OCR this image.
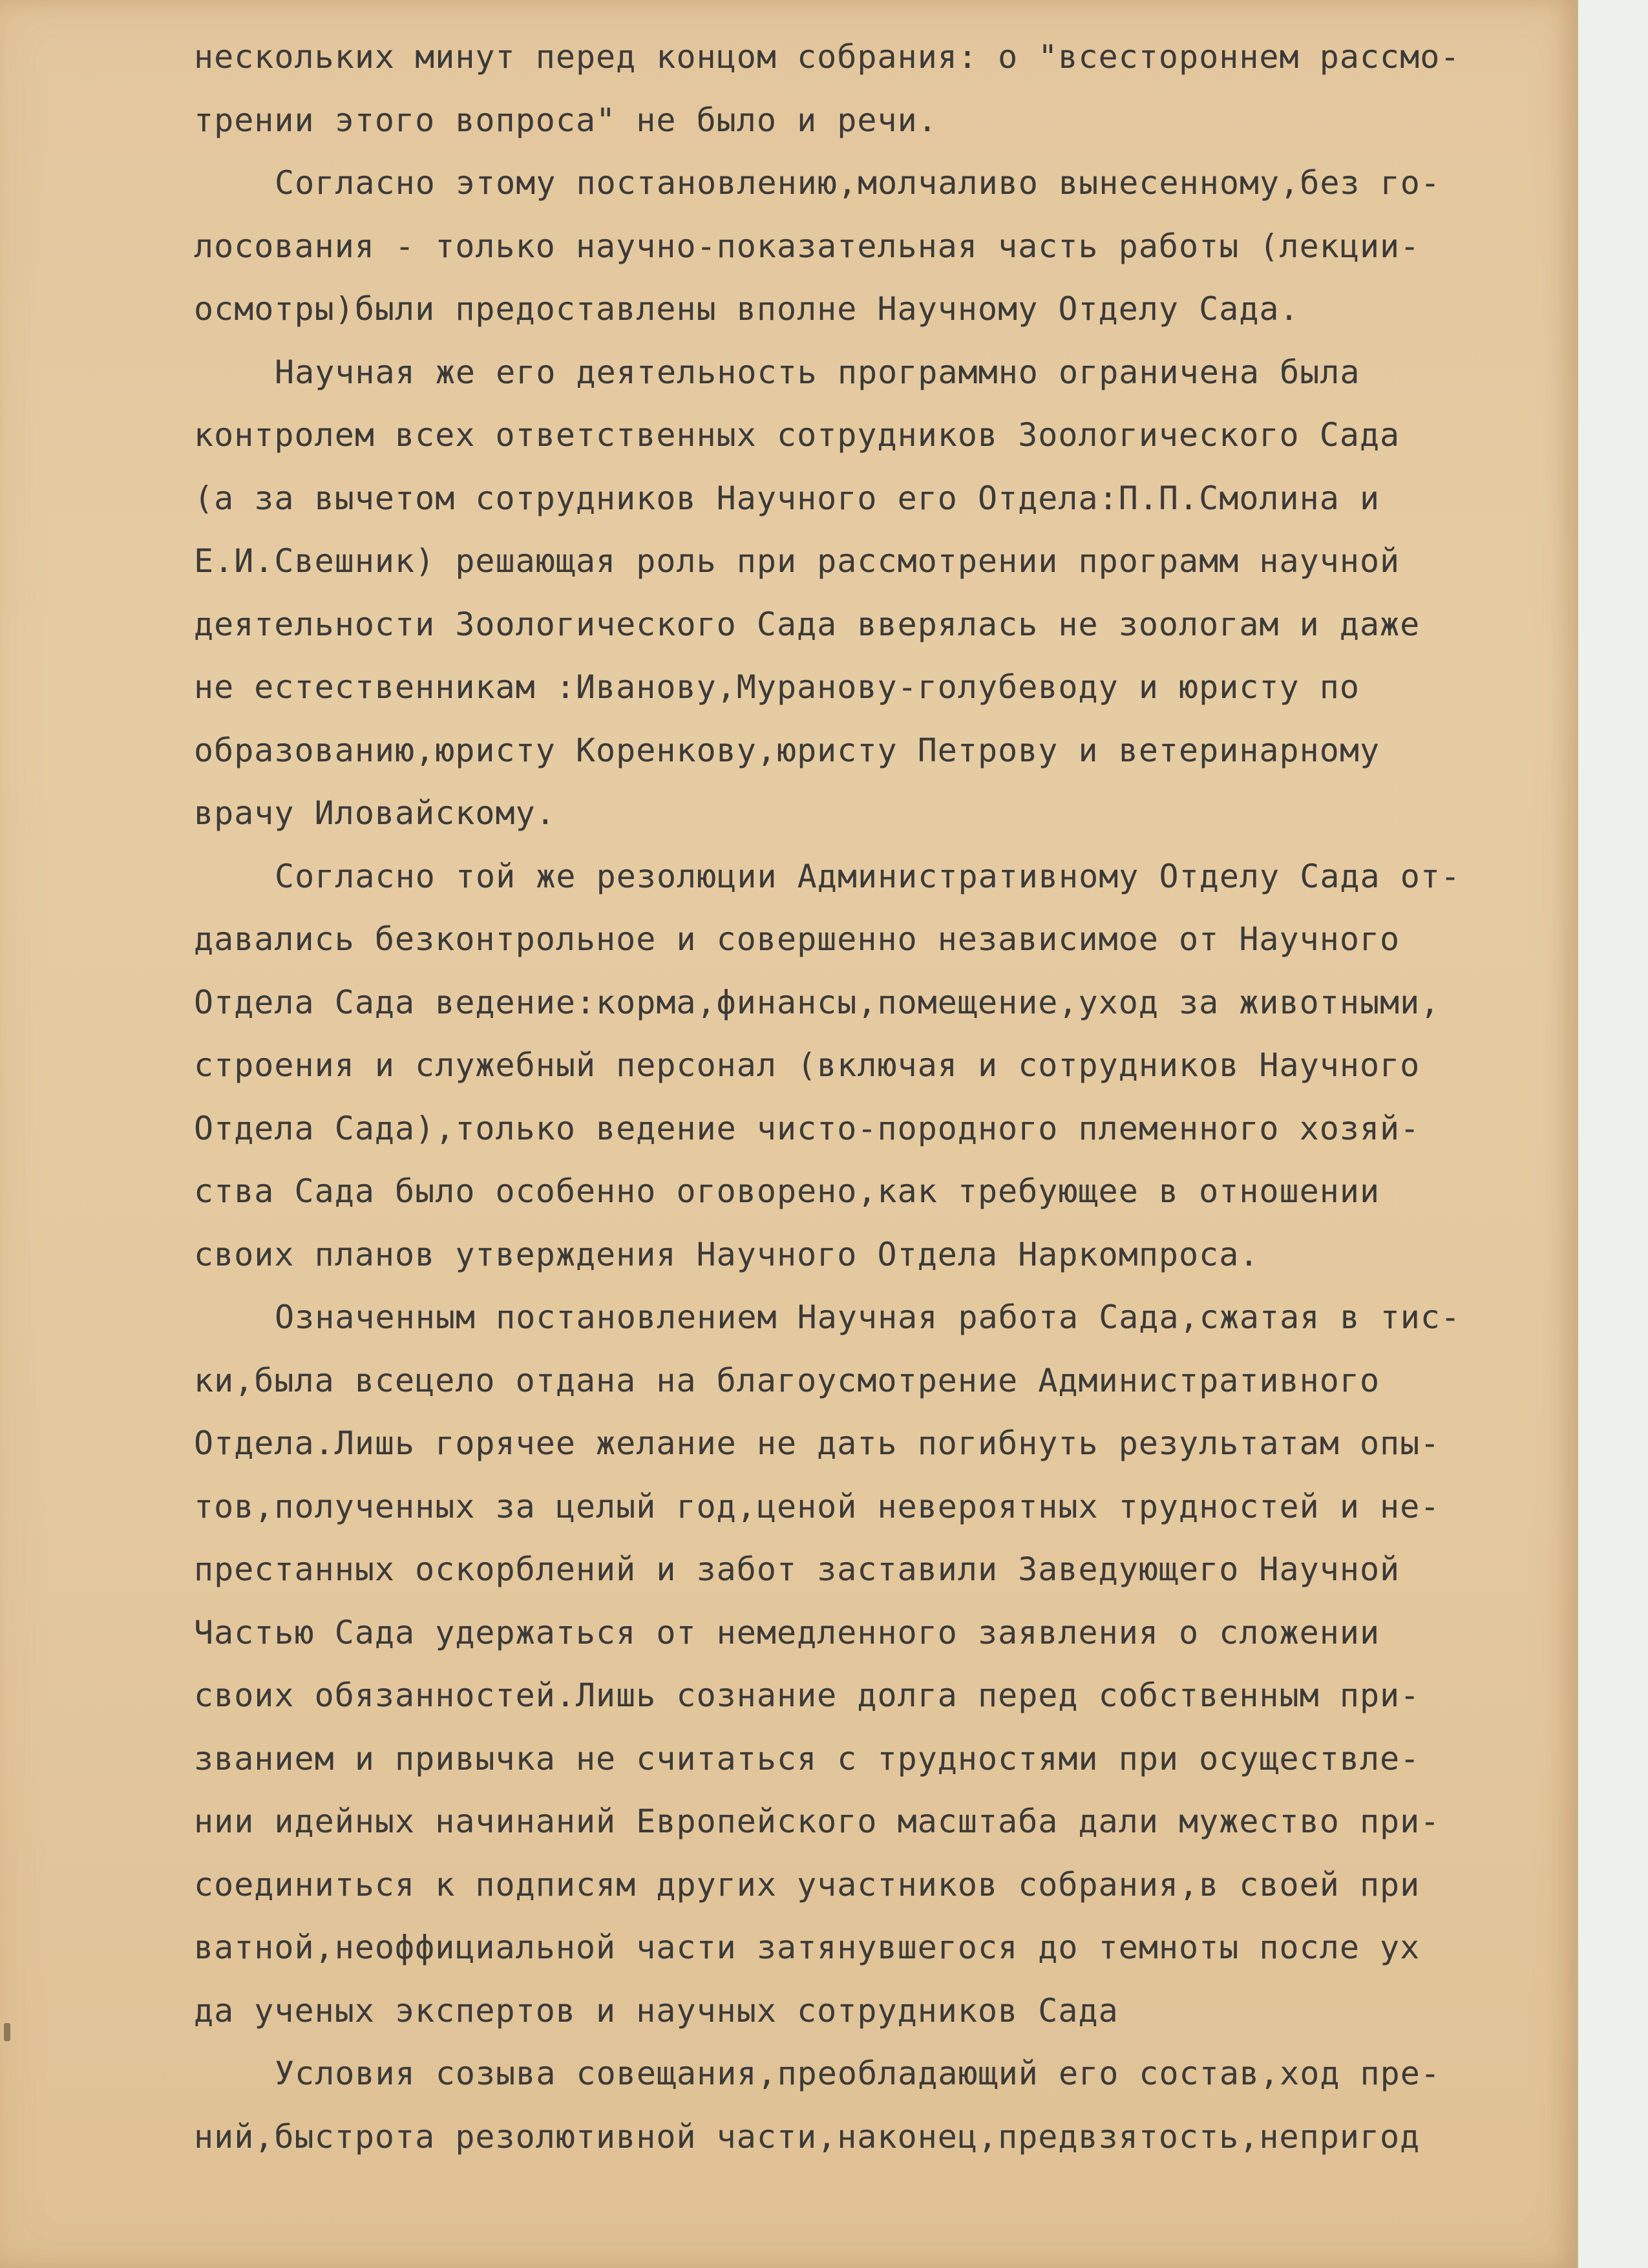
нескольких минут перед концом собрания: о "всестороннем рассмо-
трении этого вопроса" не было и речи.
Согласно этому постановлению,молчаливо вынесенному,без го-
лосования - только научно-показательная часть работы (лекции-
осмотры)были предоставлены вполне Научному Отделу Сада.
Научная же его деятельность программно ограничена была
контролем всех ответственных сотрудников Зоологического Сада
(а за вычетом сотрудников Научного его Отдела:П.П.Смолина и
Е.И.Свешник) решающая роль при рассмотрении программ научной
деятельности Зоологического Сада вверялась не зоологам и даже
не естественникам :Иванову,Муранову-голубеводу и юристу по
образованию,юристу Коренкову,юристу Петрову и ветеринарному
врачу Иловайскому.
Согласно той же резолюции Административному Отделу Сада от-
давались безконтрольное и совершенно независимое от Научного
Отдела Сада ведение:корма,финансы,помещение,уход за животными,
строения и служебный персонал (включая и сотрудников Научного
Отдела Сада),только ведение чисто-породного племенного хозяй-
ства Сада было особенно оговорено,как требующее в отношении
своих планов утверждения Научного Отдела Наркомпроса.
Означенным постановлением Научная работа Сада,сжатая в тис-
ки,была всецело отдана на благоусмотрение Административного
Отдела.Лишь горячее желание не дать погибнуть результатам опы-
тов,полученных за целый год,ценой невероятных трудностей и не-
престанных оскорблений и забот заставили Заведующего Научной
Частью Сада удержаться от немедленного заявления о сложении
своих обязанностей.Лишь сознание долга перед собственным при-
званием и привычка не считаться с трудностями при осуществле-
нии идейных начинаний Европейского масштаба дали мужество при-
соединиться к подписям других участников собрания,в своей при
ватной,неоффициальной части затянувшегося до темноты после ух
да ученых экспертов и научных сотрудников Сада
Условия созыва совещания,преобладающий его состав,ход пре-
ний,быстрота резолютивной части,наконец,предвзятость,непригод
